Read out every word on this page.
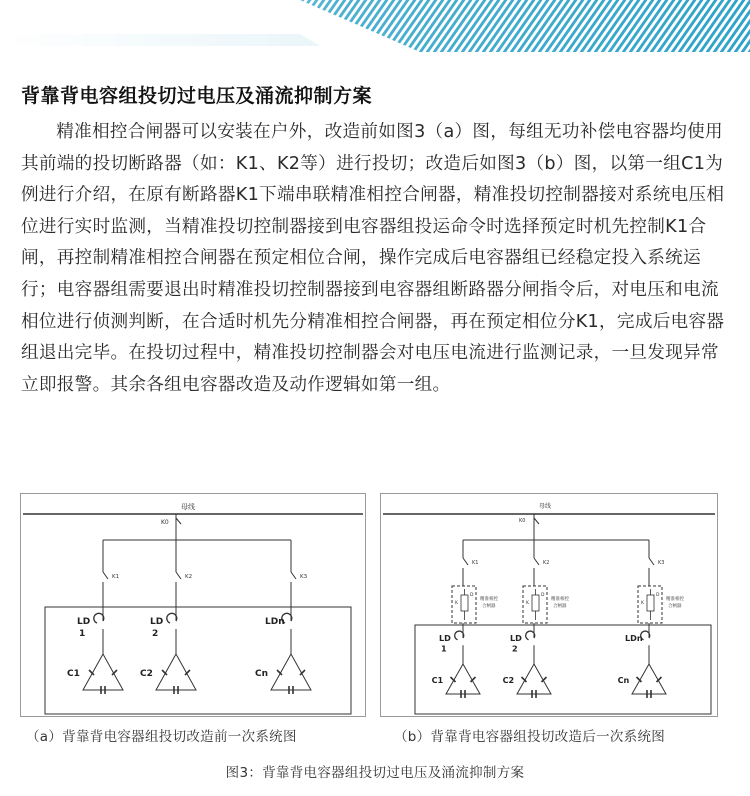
背靠背电容组投切过电压及涌流抑制方案

精准相控合闸器可以安装在户外，改造前如图3（a）图，每组无功补偿电容器均使用其前端的投切断路器（如：K1、K2等）进行投切；改造后如图3（b）图，以第一组C1为例进行介绍，在原有断路器K1下端串联精准相控合闸器，精准投切控制器接对系统电压相位进行实时监测，当精准投切控制器接到电容器组投运命令时选择预定时机先控制K1合闸，再控制精准相控合闸器在预定相位合闸，操作完成后电容器组已经稳定投入系统运行；电容器组需要退出时精准投切控制器接到电容器组断路器分闸指令后，对电压和电流相位进行侦测判断，在合适时机先分精准相控合闸器，再在预定相位分K1，完成后电容器组退出完毕。在投切过程中，精准投切控制器会对电压电流进行监测记录，一旦发现异常立即报警。其余各组电容器改造及动作逻辑如第一组。

母线
K0
K1
LD
1
C1
K2
LD
2
C2
K3
LDn
Cn
母线
K0
K1
K
D
精准相控
合闸器
LD
1
C1
K2
K
D
精准相控
合闸器
LD
2
C2
K3
K
D
精准相控
合闸器
LDn
Cn
（a）背靠背电容器组投切改造前一次系统图	（b）背靠背电容器组投切改造后一次系统图
图3：背靠背电容器组投切过电压及涌流抑制方案
